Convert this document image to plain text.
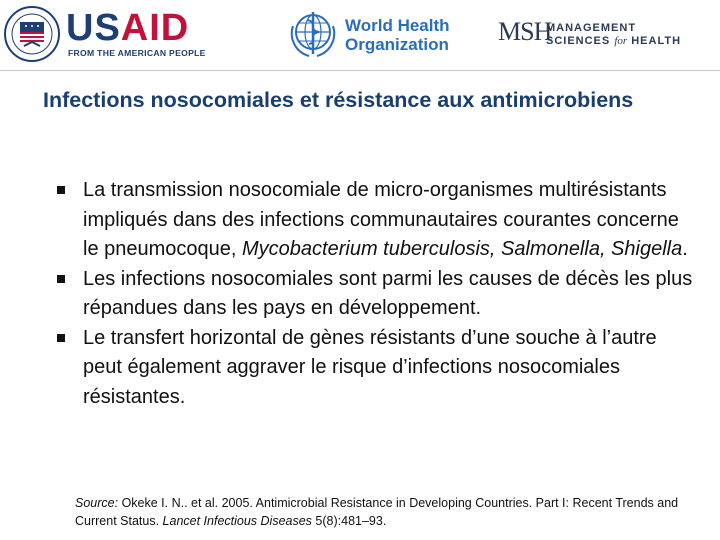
USAID
FROM THE AMERICAN PEOPLE
World Health
Organization MSH
MANAGEMENT
SCIENCES for HEALTH
Infections nosocomiales et résistance aux antimicrobiens
La transmission nosocomiale de micro-organismes multirésistants impliqués dans des infections communautaires courantes concerne le pneumocoque, Mycobacterium tuberculosis, Salmonella, Shigella.
Les infections nosocomiales sont parmi les causes de décès les plus répandues dans les pays en développement.
Le transfert horizontal de gènes résistants d’une souche à l’autre peut également aggraver le risque d’infections nosocomiales résistantes.

Source: Okeke I. N.. et al. 2005. Antimicrobial Resistance in Developing Countries. Part I: Recent Trends and Current Status. Lancet Infectious Diseases 5(8):481–93.
